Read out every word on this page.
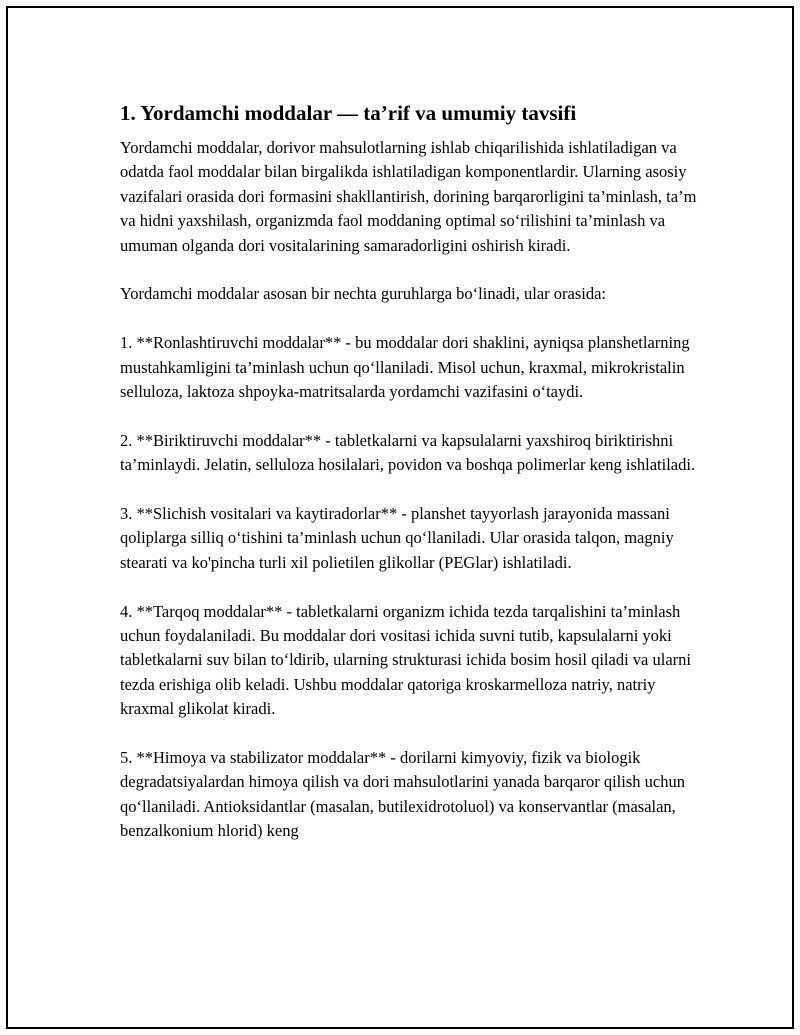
1. Yordamchi moddalar — ta’rif va umumiy tavsifi

Yordamchi moddalar, dorivor mahsulotlarning ishlab chiqarilishida ishlatiladigan va odatda faol moddalar bilan birgalikda ishlatiladigan komponentlardir. Ularning asosiy vazifalari orasida dori formasini shakllantirish, dorining barqarorligini ta’minlash, ta’m va hidni yaxshilash, organizmda faol moddaning optimal so‘rilishini ta’minlash va umuman olganda dori vositalarining samaradorligini oshirish kiradi.

Yordamchi moddalar asosan bir nechta guruhlarga bo‘linadi, ular orasida:

1. **Ronlashtiruvchi moddalar** - bu moddalar dori shaklini, ayniqsa planshetlarning mustahkamligini ta’minlash uchun qo‘llaniladi. Misol uchun, kraxmal, mikrokristalin selluloza, laktoza shpoyka-matritsalarda yordamchi vazifasini o‘taydi.

2. **Biriktiruvchi moddalar** - tabletkalarni va kapsulalarni yaxshiroq biriktirishni ta’minlaydi. Jelatin, selluloza hosilalari, povidon va boshqa polimerlar keng ishlatiladi.

3. **Slichish vositalari va kaytiradorlar** - planshet tayyorlash jarayonida massani qoliplarga silliq o‘tishini ta’minlash uchun qo‘llaniladi. Ular orasida talqon, magniy stearati va ko'pincha turli xil polietilen glikollar (PEGlar) ishlatiladi.

4. **Tarqoq moddalar** - tabletkalarni organizm ichida tezda tarqalishini ta’minlash uchun foydalaniladi. Bu moddalar dori vositasi ichida suvni tutib, kapsulalarni yoki tabletkalarni suv bilan to‘ldirib, ularning strukturasi ichida bosim hosil qiladi va ularni tezda erishiga olib keladi. Ushbu moddalar qatoriga kroskarmelloza natriy, natriy kraxmal glikolat kiradi.

5. **Himoya va stabilizator moddalar** - dorilarni kimyoviy, fizik va biologik degradatsiyalardan himoya qilish va dori mahsulotlarini yanada barqaror qilish uchun qo‘llaniladi. Antioksidantlar (masalan, butilexidrotoluol) va konservantlar (masalan, benzalkonium hlorid) keng
